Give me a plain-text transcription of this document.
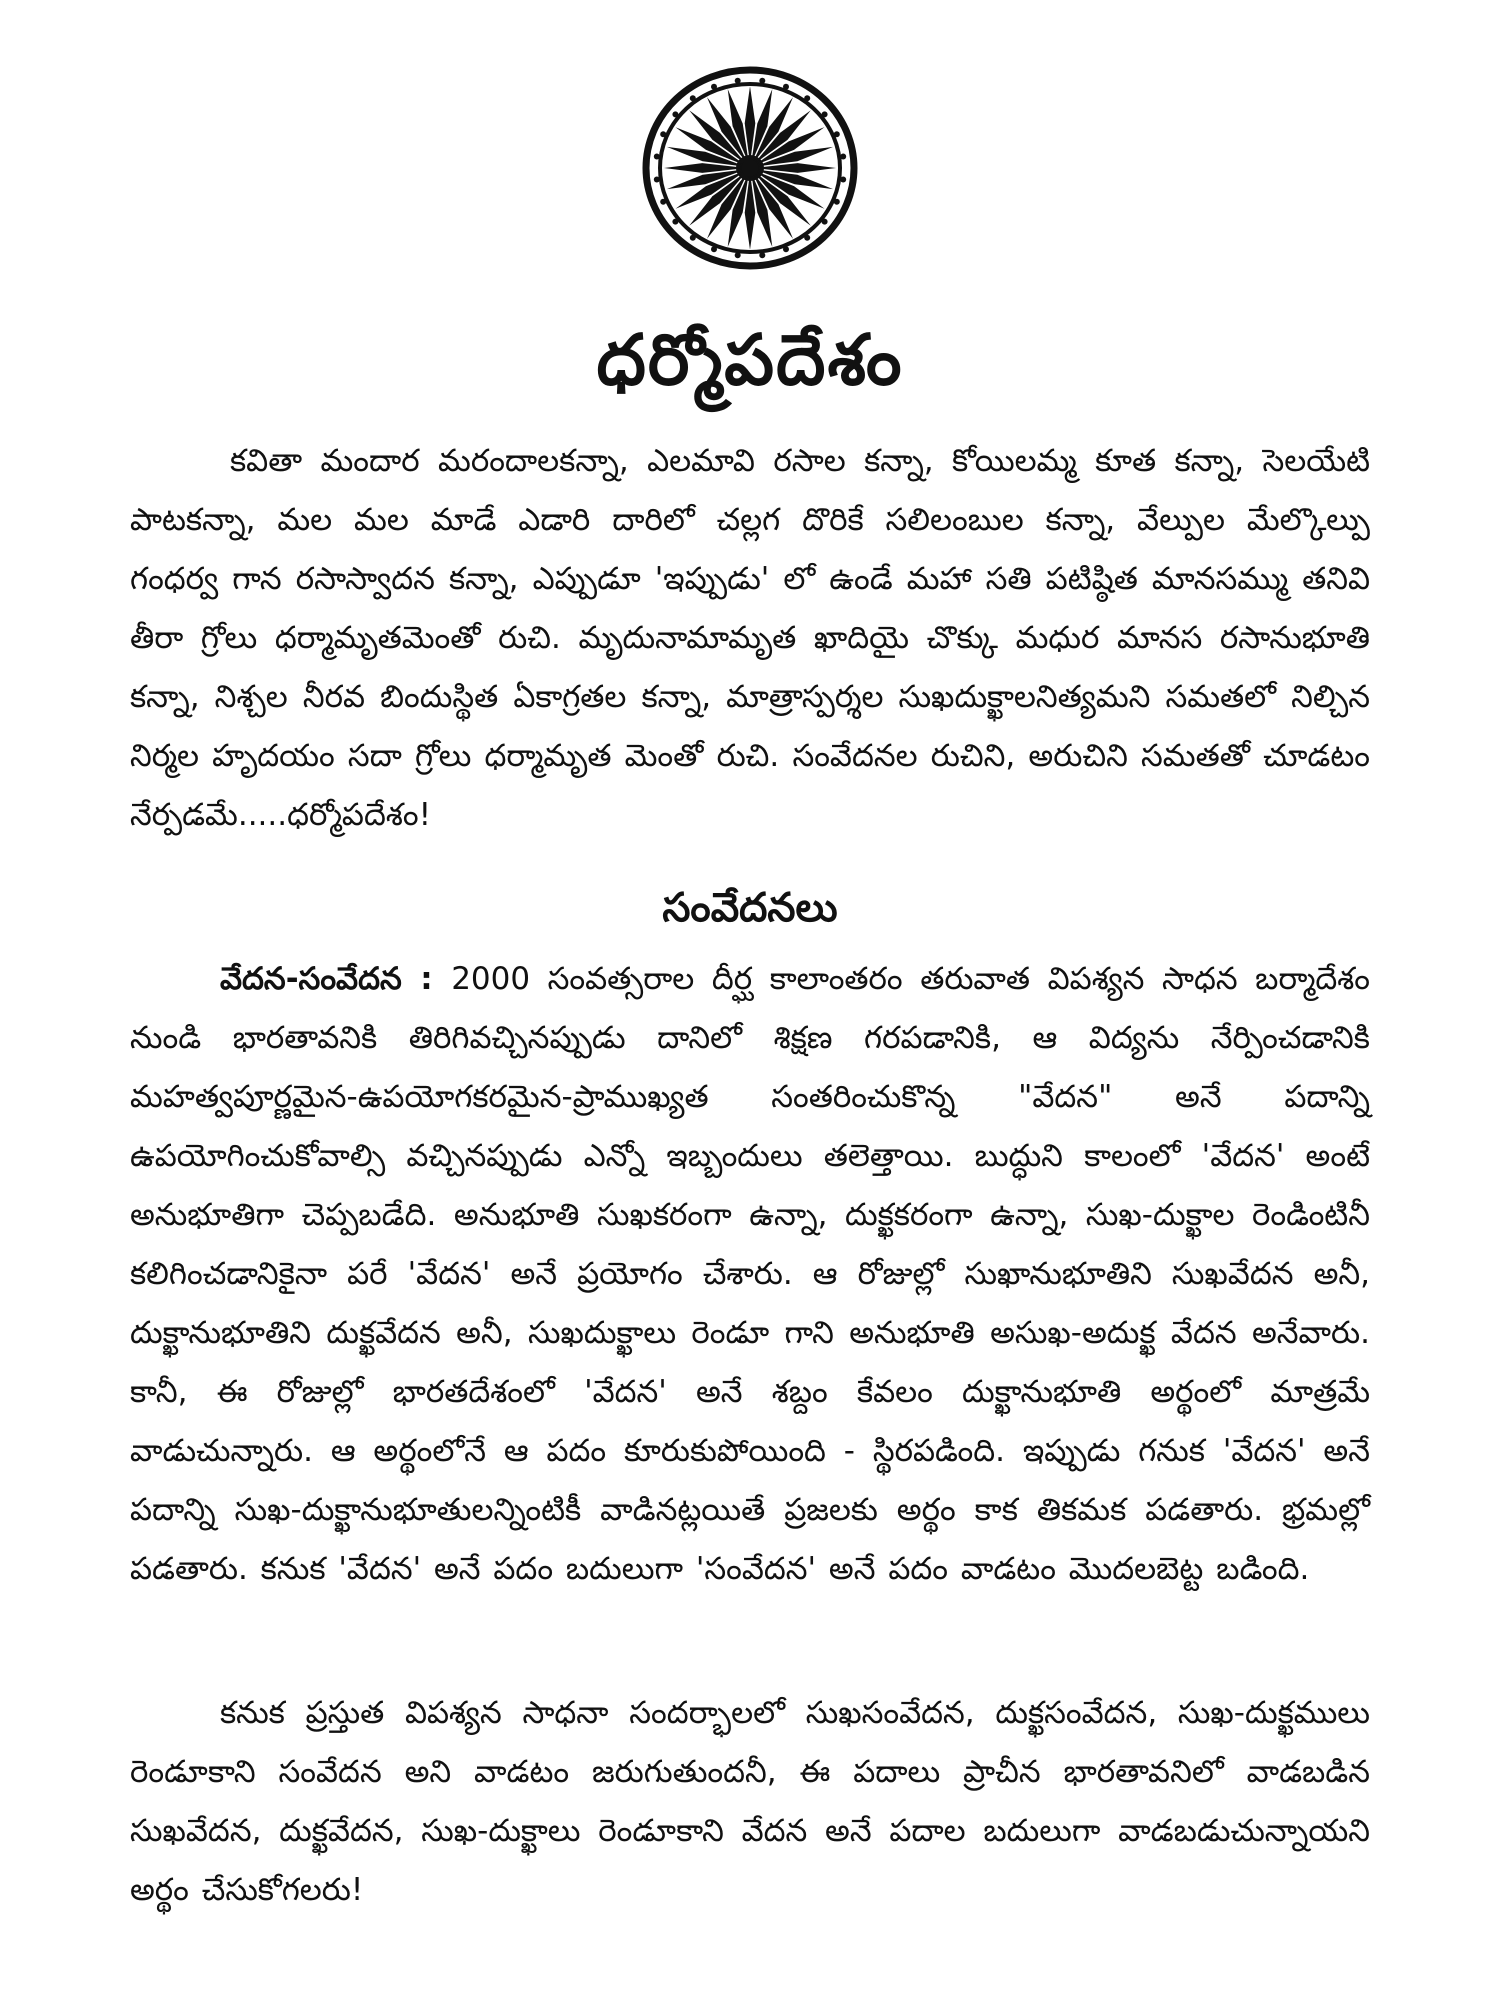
ధర్మోపదేశం

కవితా మందార మరందాలకన్నా, ఎలమావి రసాల కన్నా, కోయిలమ్మ కూత కన్నా, సెలయేటి పాటకన్నా, మల మల మాడే ఎడారి దారిలో చల్లగ దొరికే సలిలంబుల కన్నా, వేల్పుల మేల్కొల్పు గంధర్వ గాన రసాస్వాదన కన్నా, ఎప్పుడూ 'ఇప్పుడు' లో ఉండే మహా సతి పటిష్ఠిత మానసమ్ము తనివి తీరా గ్రోలు ధర్మామృతమెంతో రుచి. మృదునామామృత ఖాదియై చొక్కు మధుర మానస రసానుభూతి కన్నా, నిశ్చల నీరవ బిందుస్థిత ఏకాగ్రతల కన్నా, మాత్రాస్పర్శల సుఖదుక్ఖాలనిత్యమని సమతలో నిల్చిన నిర్మల హృదయం సదా గ్రోలు ధర్మామృత మెంతో రుచి. సంవేదనల రుచిని, అరుచిని సమతతో చూడటం నేర్పడమే.....ధర్మోపదేశం!

సంవేదనలు

వేదన-సంవేదన : 2000 సంవత్సరాల దీర్ఘ కాలాంతరం తరువాత విపశ్యన సాధన బర్మాదేశం నుండి భారతావనికి తిరిగివచ్చినప్పుడు దానిలో శిక్షణ గరపడానికి, ఆ విద్యను నేర్పించడానికి మహత్వపూర్ణమైన-ఉపయోగకరమైన-ప్రాముఖ్యత సంతరించుకొన్న "వేదన" అనే పదాన్ని ఉపయోగించుకోవాల్సి వచ్చినప్పుడు ఎన్నో ఇబ్బందులు తలెత్తాయి. బుద్ధుని కాలంలో 'వేదన' అంటే అనుభూతిగా చెప్పబడేది. అనుభూతి సుఖకరంగా ఉన్నా, దుక్ఖకరంగా ఉన్నా, సుఖ-దుక్ఖాల రెండింటినీ కలిగించడానికైనా పరే 'వేదన' అనే ప్రయోగం చేశారు. ఆ రోజుల్లో సుఖానుభూతిని సుఖవేదన అనీ, దుక్ఖానుభూతిని దుక్ఖవేదన అనీ, సుఖదుక్ఖాలు రెండూ గాని అనుభూతి అసుఖ-అదుక్ఖ వేదన అనేవారు. కానీ, ఈ రోజుల్లో భారతదేశంలో 'వేదన' అనే శబ్దం కేవలం దుక్ఖానుభూతి అర్థంలో మాత్రమే వాడుచున్నారు. ఆ అర్థంలోనే ఆ పదం కూరుకుపోయింది - స్థిరపడింది. ఇప్పుడు గనుక 'వేదన' అనే పదాన్ని సుఖ-దుక్ఖానుభూతులన్నింటికీ వాడినట్లయితే ప్రజలకు అర్థం కాక తికమక పడతారు. భ్రమల్లో పడతారు. కనుక 'వేదన' అనే పదం బదులుగా 'సంవేదన' అనే పదం వాడటం మొదలబెట్ట బడింది.

కనుక ప్రస్తుత విపశ్యన సాధనా సందర్భాలలో సుఖసంవేదన, దుక్ఖసంవేదన, సుఖ-దుక్ఖములు రెండూకాని సంవేదన అని వాడటం జరుగుతుందనీ, ఈ పదాలు ప్రాచీన భారతావనిలో వాడబడిన సుఖవేదన, దుక్ఖవేదన, సుఖ-దుక్ఖాలు రెండూకాని వేదన అనే పదాల బదులుగా వాడబడుచున్నాయని అర్థం చేసుకోగలరు!
